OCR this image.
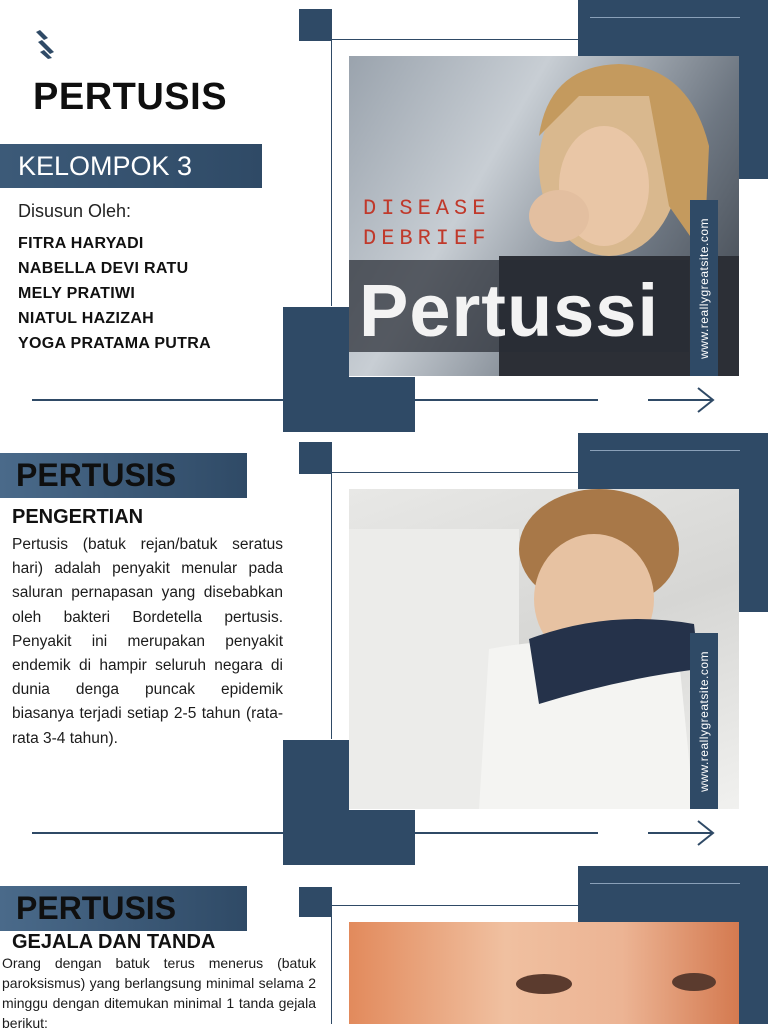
PERTUSIS
KELOMPOK 3
Disusun Oleh:
FITRA HARYADI
NABELLA DEVI RATU
MELY PRATIWI
NIATUL HAZIZAH
YOGA PRATAMA PUTRA
DISEASE
DEBRIEF
Pertussi	www.reallygreatsite.com
PERTUSIS
PENGERTIAN
Pertusis (batuk rejan/batuk seratus hari) adalah penyakit menular pada saluran pernapasan yang disebabkan oleh bakteri Bordetella pertusis. Penyakit ini merupakan penyakit endemik di hampir seluruh negara di dunia denga puncak epidemik biasanya terjadi setiap 2-5 tahun (rata-rata 3-4 tahun).	www.reallygreatsite.com
PERTUSIS
GEJALA DAN TANDA
Orang dengan batuk terus menerus (batuk paroksismus) yang berlangsung minimal selama 2 minggu dengan ditemukan minimal 1 tanda gejala berikut:
